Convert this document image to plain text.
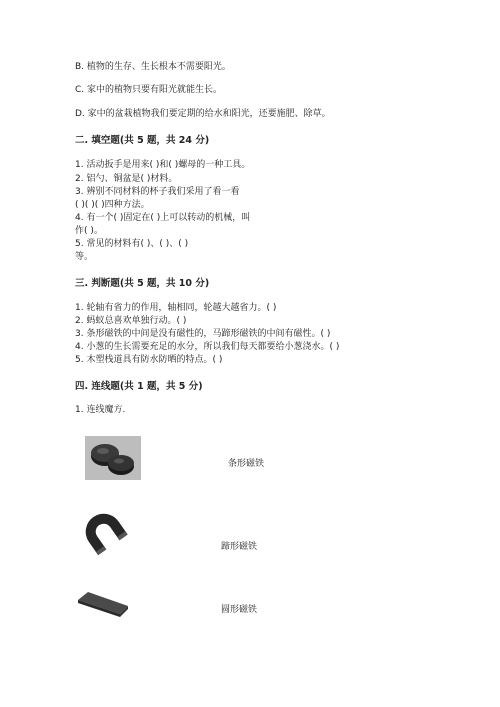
B. 植物的生存、生长根本不需要阳光。
C. 家中的植物只要有阳光就能生长。
D. 家中的盆栽植物我们要定期的给水和阳光，还要施肥、除草。
二. 填空题(共 5 题，共 24 分)
1. 活动扳手是用来( )和( )螺母的一种工具。
2. 铝勺、铜盆是( )材料。
3. 辨别不同材料的杯子我们采用了看一看
( )( )( )四种方法。
4. 有一个( )固定在( )上可以转动的机械，叫
作( )。
5. 常见的材料有( )、( )、( )
等。
三. 判断题(共 5 题，共 10 分)
1. 轮轴有省力的作用，轴相同，轮越大越省力。( )
2. 蚂蚁总喜欢单独行动。( )
3. 条形磁铁的中间是没有磁性的，马蹄形磁铁的中间有磁性。( )
4. 小葱的生长需要充足的水分，所以我们每天都要给小葱浇水。( )
5. 木塑栈道具有防水防晒的特点。( )
四. 连线题(共 1 题，共 5 分)
1. 连线魔方.
条形磁铁
蹄形磁铁
圆形磁铁
